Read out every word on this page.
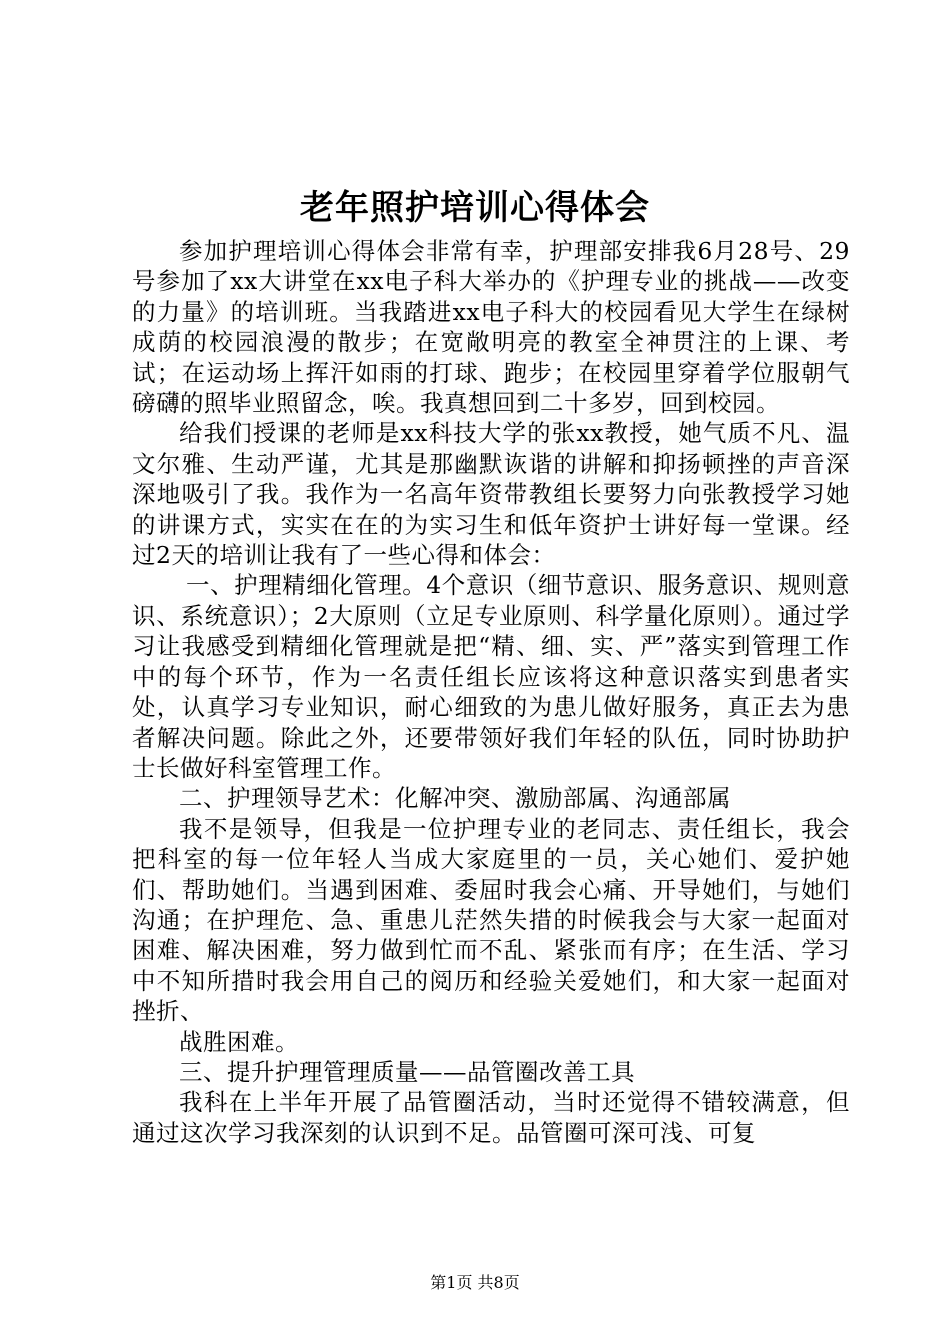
老年照护培训心得体会

参加护理培训心得体会非常有幸，护理部安排我6月28号、29号参加了xx大讲堂在xx电子科大举办的《护理专业的挑战——改变的力量》的培训班。当我踏进xx电子科大的校园看见大学生在绿树成荫的校园浪漫的散步；在宽敞明亮的教室全神贯注的上课、考试；在运动场上挥汗如雨的打球、跑步；在校园里穿着学位服朝气磅礴的照毕业照留念，唉。我真想回到二十多岁，回到校园。

给我们授课的老师是xx科技大学的张xx教授，她气质不凡、温文尔雅、生动严谨，尤其是那幽默诙谐的讲解和抑扬顿挫的声音深深地吸引了我。我作为一名高年资带教组长要努力向张教授学习她的讲课方式，实实在在的为实习生和低年资护士讲好每一堂课。经过2天的培训让我有了一些心得和体会：

一、护理精细化管理。4个意识（细节意识、服务意识、规则意识、系统意识）；2大原则（立足专业原则、科学量化原则）。通过学习让我感受到精细化管理就是把“精、细、实、严”落实到管理工作中的每个环节，作为一名责任组长应该将这种意识落实到患者实处，认真学习专业知识，耐心细致的为患儿做好服务，真正去为患者解决问题。除此之外，还要带领好我们年轻的队伍，同时协助护士长做好科室管理工作。

二、护理领导艺术：化解冲突、激励部属、沟通部属

我不是领导，但我是一位护理专业的老同志、责任组长，我会把科室的每一位年轻人当成大家庭里的一员，关心她们、爱护她们、帮助她们。当遇到困难、委屈时我会心痛、开导她们，与她们沟通；在护理危、急、重患儿茫然失措的时候我会与大家一起面对困难、解决困难，努力做到忙而不乱、紧张而有序；在生活、学习中不知所措时我会用自己的阅历和经验关爱她们，和大家一起面对挫折、

战胜困难。

三、提升护理管理质量——品管圈改善工具

我科在上半年开展了品管圈活动，当时还觉得不错较满意，但通过这次学习我深刻的认识到不足。品管圈可深可浅、可复

第1页 共8页
